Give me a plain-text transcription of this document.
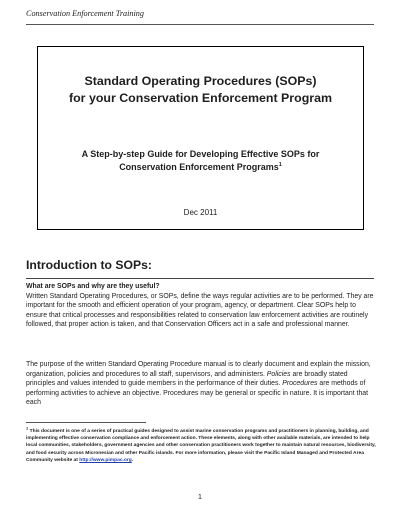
Conservation Enforcement Training
Standard Operating Procedures (SOPs)
for your Conservation Enforcement Program
A Step-by-step Guide for Developing Effective SOPs for
Conservation Enforcement Programs$^1$
Dec 2011
Introduction to SOPs:
What are SOPs and why are they useful?
Written Standard Operating Procedures, or SOPs, define the ways regular activities are to be performed. They are important for the smooth and efficient operation of your program, agency, or department. Clear SOPs help to ensure that critical processes and responsibilities related to conservation law enforcement activities are routinely followed, that proper action is taken, and that Conservation Officers act in a safe and professional manner.
The purpose of the written Standard Operating Procedure manual is to clearly document and explain the mission, organization, policies and procedures to all staff, supervisors, and administers. Policies are broadly stated principles and values intended to guide members in the performance of their duties. Procedures are methods of performing activities to achieve an objective. Procedures may be general or specific in nature. It is important that each
$^1$ This document is one of a series of practical guides designed to assist marine conservation programs and practitioners in planning, building, and implementing effective conservation compliance and enforcement action. These elements, along with other available materials, are intended to help local communities, stakeholders, government agencies and other conservation practitioners work together to maintain natural resources, biodiversity, and food security across Micronesian and other Pacific islands. For more information, please visit the Pacific Island Managed and Protected Area Community website at http://www.pimpac.org.
1
